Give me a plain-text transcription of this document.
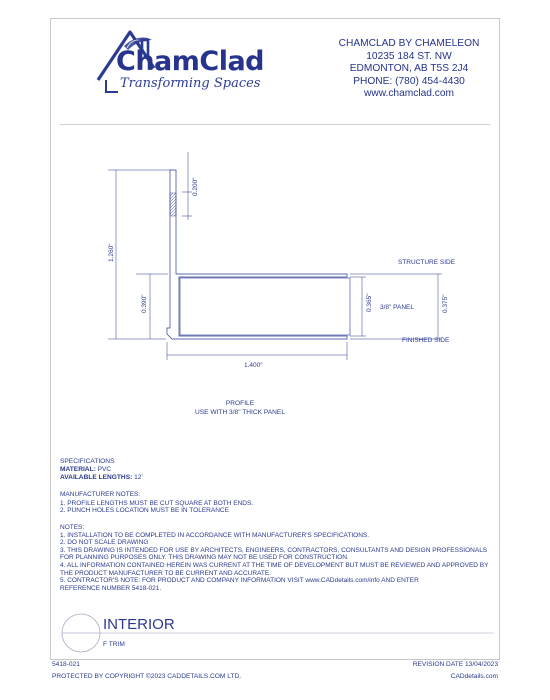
ChamClad
Transforming Spaces
CHAMCLAD BY CHAMELEON
10235 184 ST. NW
EDMONTON, AB T5S 2J4
PHONE: (780) 454-4430
www.chamclad.com
0.200"
1.260"
0.390"	0.365"	0.375"
1.400"
STRUCTURE SIDE
3/8" PANEL
FINISHED SIDE
PROFILE
USE WITH 3/8" THICK PANEL
SPECIFICATIONS
MATERIAL: PVC
AVAILABLE LENGTHS: 12'
MANUFACTURER NOTES:
1. PROFILE LENGTHS MUST BE CUT SQUARE AT BOTH ENDS.
2. PUNCH HOLES LOCATION MUST BE IN TOLERANCE
NOTES:
1. INSTALLATION TO BE COMPLETED IN ACCORDANCE WITH MANUFACTURER'S SPECIFICATIONS.
2. DO NOT SCALE DRAWING
3. THIS DRAWING IS INTENDED FOR USE BY ARCHITECTS, ENGINEERS, CONTRACTORS, CONSULTANTS AND DESIGN PROFESSIONALS
FOR PLANNING PURPOSES ONLY. THIS DRAWING MAY NOT BE USED FOR CONSTRUCTION.
4. ALL INFORMATION CONTAINED HEREIN WAS CURRENT AT THE TIME OF DEVELOPMENT BUT MUST BE REVIEWED AND APPROVED BY
THE PRODUCT MANUFACTURER TO BE CURRENT AND ACCURATE.
5. CONTRACTOR'S NOTE: FOR PRODUCT AND COMPANY INFORMATION VISIT www.CADdetails.com/info AND ENTER
REFERENCE NUMBER 5418-021.
INTERIOR
F TRIM
5418-021	REVISION DATE 13/04/2023
PROTECTED BY COPYRIGHT ©2023 CADDETAILS.COM LTD.	CADdetails.com
